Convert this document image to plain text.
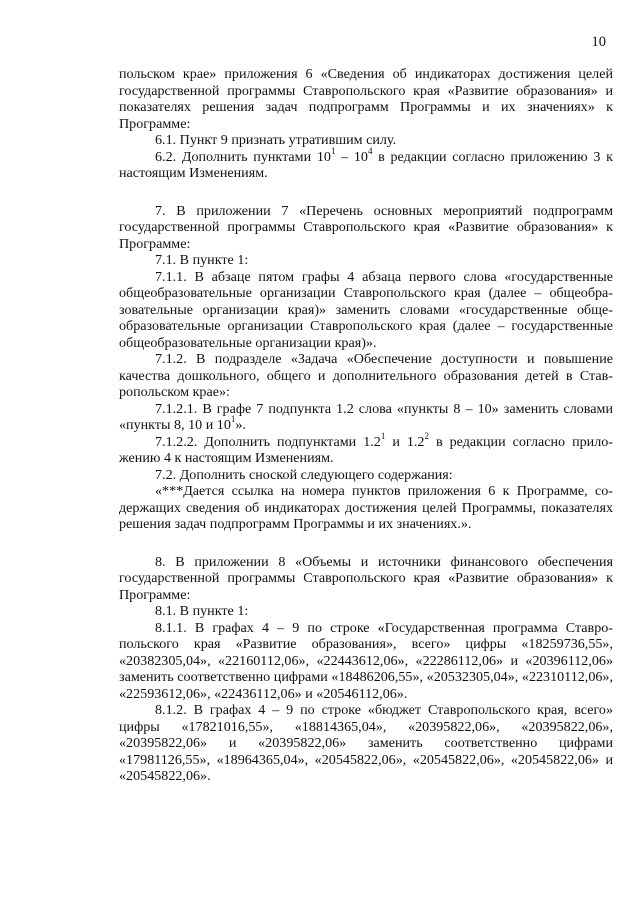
10

польском крае» приложения 6 «Сведения об индикаторах достижения целей государственной программы Ставропольского края «Развитие образования» и показателях решения задач подпрограмм Программы и их значениях» к Программе:

6.1. Пункт 9 признать утратившим силу.

6.2. Дополнить пунктами $10^1 - 10^4$ в редакции согласно приложению 3 к настоящим Изменениям.

7. В приложении 7 «Перечень основных мероприятий подпрограмм государственной программы Ставропольского края «Развитие образования» к Программе:

7.1. В пункте 1:

7.1.1. В абзаце пятом графы 4 абзаца первого слова «государственные общеобразовательные организации Ставропольского края (далее – общеобразовательные организации края)» заменить словами «государственные общеобразовательные организации Ставропольского края (далее – государственные общеобразовательные организации края)».

7.1.2. В подразделе «Задача «Обеспечение доступности и повышение качества дошкольного, общего и дополнительного образования детей в Ставропольском крае»:

7.1.2.1. В графе 7 подпункта 1.2 слова «пункты 8 – 10» заменить словами «пункты 8, 10 и $10^1$».

7.1.2.2. Дополнить подпунктами $1.2^1$ и $1.2^2$ в редакции согласно приложению 4 к настоящим Изменениям.

7.2. Дополнить сноской следующего содержания:

«***Дается ссылка на номера пунктов приложения 6 к Программе, содержащих сведения об индикаторах достижения целей Программы, показателях решения задач подпрограмм Программы и их значениях.».

8. В приложении 8 «Объемы и источники финансового обеспечения государственной программы Ставропольского края «Развитие образования» к Программе:

8.1. В пункте 1:

8.1.1. В графах 4 – 9 по строке «Государственная программа Ставропольского края «Развитие образования», всего» цифры «18259736,55», «20382305,04», «22160112,06», «22443612,06», «22286112,06» и «20396112,06» заменить соответственно цифрами «18486206,55», «20532305,04», «22310112,06», «22593612,06», «22436112,06» и «20546112,06».

8.1.2. В графах 4 – 9 по строке «бюджет Ставропольского края, всего» цифры «17821016,55», «18814365,04», «20395822,06», «20395822,06», «20395822,06» и «20395822,06» заменить соответственно цифрами «17981126,55», «18964365,04», «20545822,06», «20545822,06», «20545822,06» и «20545822,06».
